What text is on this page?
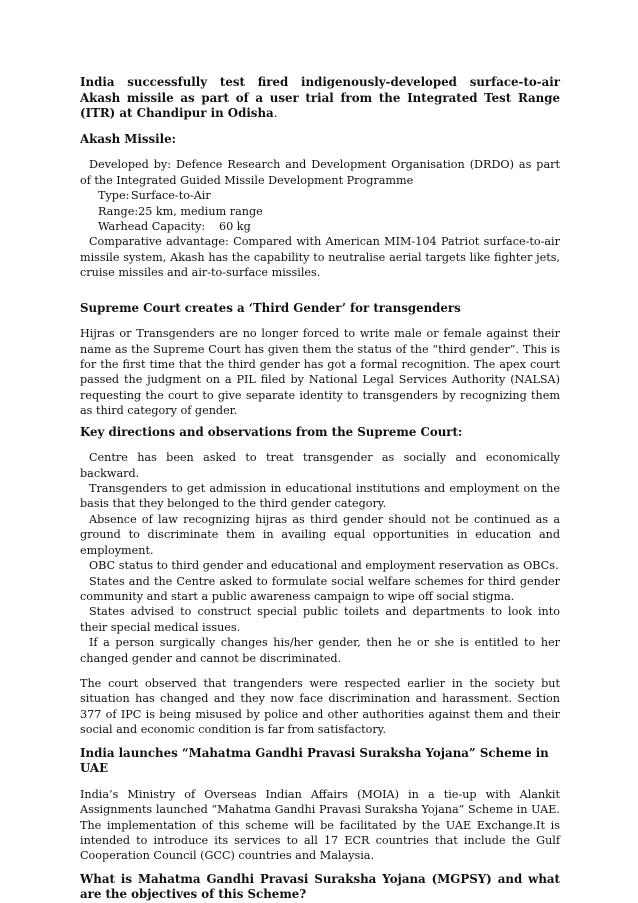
India successfully test fired indigenously-developed surface-to-air Akash missile as part of a user trial from the Integrated Test Range (ITR) at Chandipur in Odisha.

Akash Missile:

Developed by: Defence Research and Development Organisation (DRDO) as part of the Integrated Guided Missile Development Programme

Type: Surface-to-Air

Range:25 km, medium range

Warhead Capacity: 60 kg

Comparative advantage: Compared with American MIM-104 Patriot surface-to-air missile system, Akash has the capability to neutralise aerial targets like fighter jets, cruise missiles and air-to-surface missiles.

Supreme Court creates a ‘Third Gender’ for transgenders

Hijras or Transgenders are no longer forced to write male or female against their name as the Supreme Court has given them the status of the “third gender”. This is for the first time that the third gender has got a formal recognition. The apex court passed the judgment on a PIL filed by National Legal Services Authority (NALSA) requesting the court to give separate identity to transgenders by recognizing them as third category of gender.

Key directions and observations from the Supreme Court:

Centre has been asked to treat transgender as socially and economically backward.

Transgenders to get admission in educational institutions and employment on the basis that they belonged to the third gender category.

Absence of law recognizing hijras as third gender should not be continued as a ground to discriminate them in availing equal opportunities in education and employment.

OBC status to third gender and educational and employment reservation as OBCs.

States and the Centre asked to formulate social welfare schemes for third gender community and start a public awareness campaign to wipe off social stigma.

States advised to construct special public toilets and departments to look into their special medical issues.

If a person surgically changes his/her gender, then he or she is entitled to her changed gender and cannot be discriminated.

The court observed that trangenders were respected earlier in the society but situation has changed and they now face discrimination and harassment. Section 377 of IPC is being misused by police and other authorities against them and their social and economic condition is far from satisfactory.

India launches “Mahatma Gandhi Pravasi Suraksha Yojana” Scheme in UAE

India’s Ministry of Overseas Indian Affairs (MOIA) in a tie-up with Alankit Assignments launched “Mahatma Gandhi Pravasi Suraksha Yojana” Scheme in UAE. The implementation of this scheme will be facilitated by the UAE Exchange.It is intended to introduce its services to all 17 ECR countries that include the Gulf Cooperation Council (GCC) countries and Malaysia.

What is Mahatma Gandhi Pravasi Suraksha Yojana (MGPSY) and what are the objectives of this Scheme?
